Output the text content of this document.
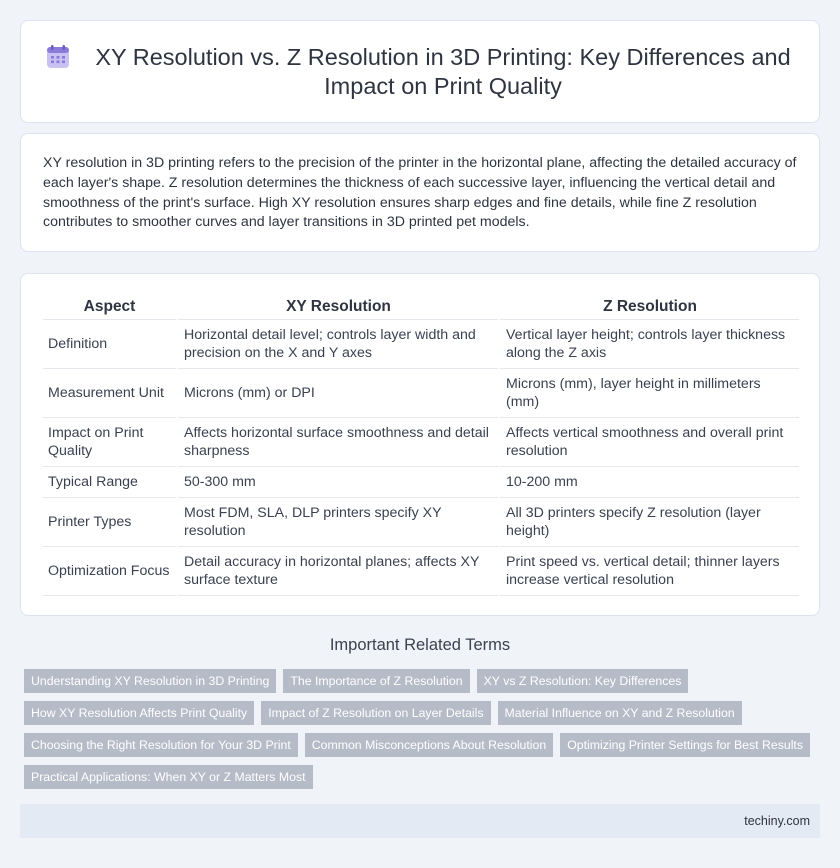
XY Resolution vs. Z Resolution in 3D Printing: Key Differences and Impact on Print Quality

XY resolution in 3D printing refers to the precision of the printer in the horizontal plane, affecting the detailed accuracy of each layer's shape. Z resolution determines the thickness of each successive layer, influencing the vertical detail and smoothness of the print's surface. High XY resolution ensures sharp edges and fine details, while fine Z resolution contributes to smoother curves and layer transitions in 3D printed pet models.

Aspect	XY Resolution	Z Resolution
Definition	Horizontal detail level; controls layer width and precision on the X and Y axes	Vertical layer height; controls layer thickness along the Z axis
Measurement Unit	Microns (mm) or DPI	Microns (mm), layer height in millimeters (mm)
Impact on Print Quality	Affects horizontal surface smoothness and detail sharpness	Affects vertical smoothness and overall print resolution
Typical Range	50-300 mm	10-200 mm
Printer Types	Most FDM, SLA, DLP printers specify XY resolution	All 3D printers specify Z resolution (layer height)
Optimization Focus	Detail accuracy in horizontal planes; affects XY surface texture	Print speed vs. vertical detail; thinner layers increase vertical resolution
Important Related Terms
Understanding XY Resolution in 3D Printing	The Importance of Z Resolution	XY vs Z Resolution: Key Differences
How XY Resolution Affects Print Quality	Impact of Z Resolution on Layer Details	Material Influence on XY and Z Resolution
Choosing the Right Resolution for Your 3D Print	Common Misconceptions About Resolution	Optimizing Printer Settings for Best Results
Practical Applications: When XY or Z Matters Most
techiny.com
